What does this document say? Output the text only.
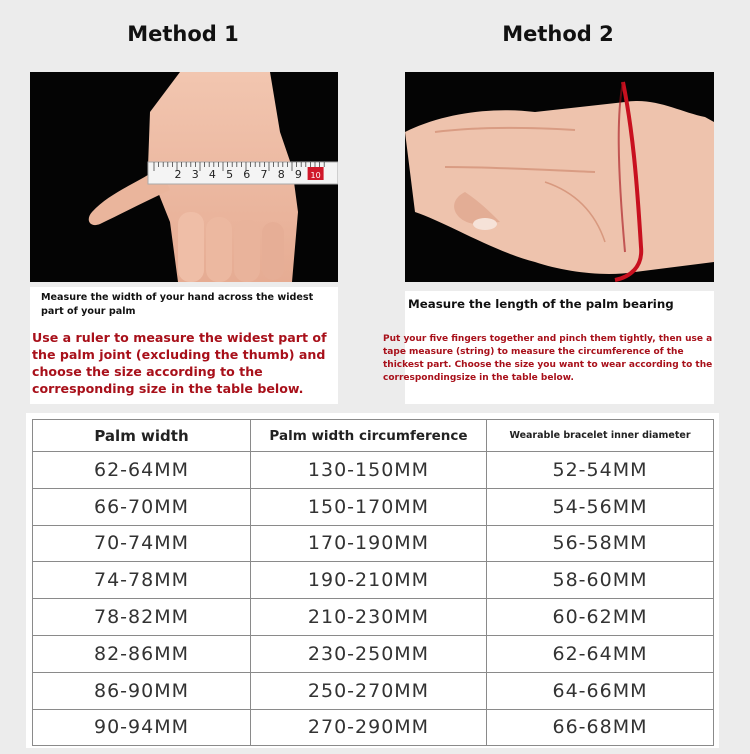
Method 1	Method 2
2 3 4 5 6 7 8 9 10
Measure the width of your hand across the widest part of your palm
Use a ruler to measure the widest part of the palm joint (excluding the thumb) and choose the size according to the corresponding size in the table below.
Measure the length of the palm bearing
Put your five fingers together and pinch them tightly, then use a tape measure (string) to measure the circumference of the thickest part. Choose the size you want to wear according to the correspondingsize in the table below.
Palm width	Palm width circumference	Wearable bracelet inner diameter
62-64MM	130-150MM	52-54MM
66-70MM	150-170MM	54-56MM
70-74MM	170-190MM	56-58MM
74-78MM	190-210MM	58-60MM
78-82MM	210-230MM	60-62MM
82-86MM	230-250MM	62-64MM
86-90MM	250-270MM	64-66MM
90-94MM	270-290MM	66-68MM
